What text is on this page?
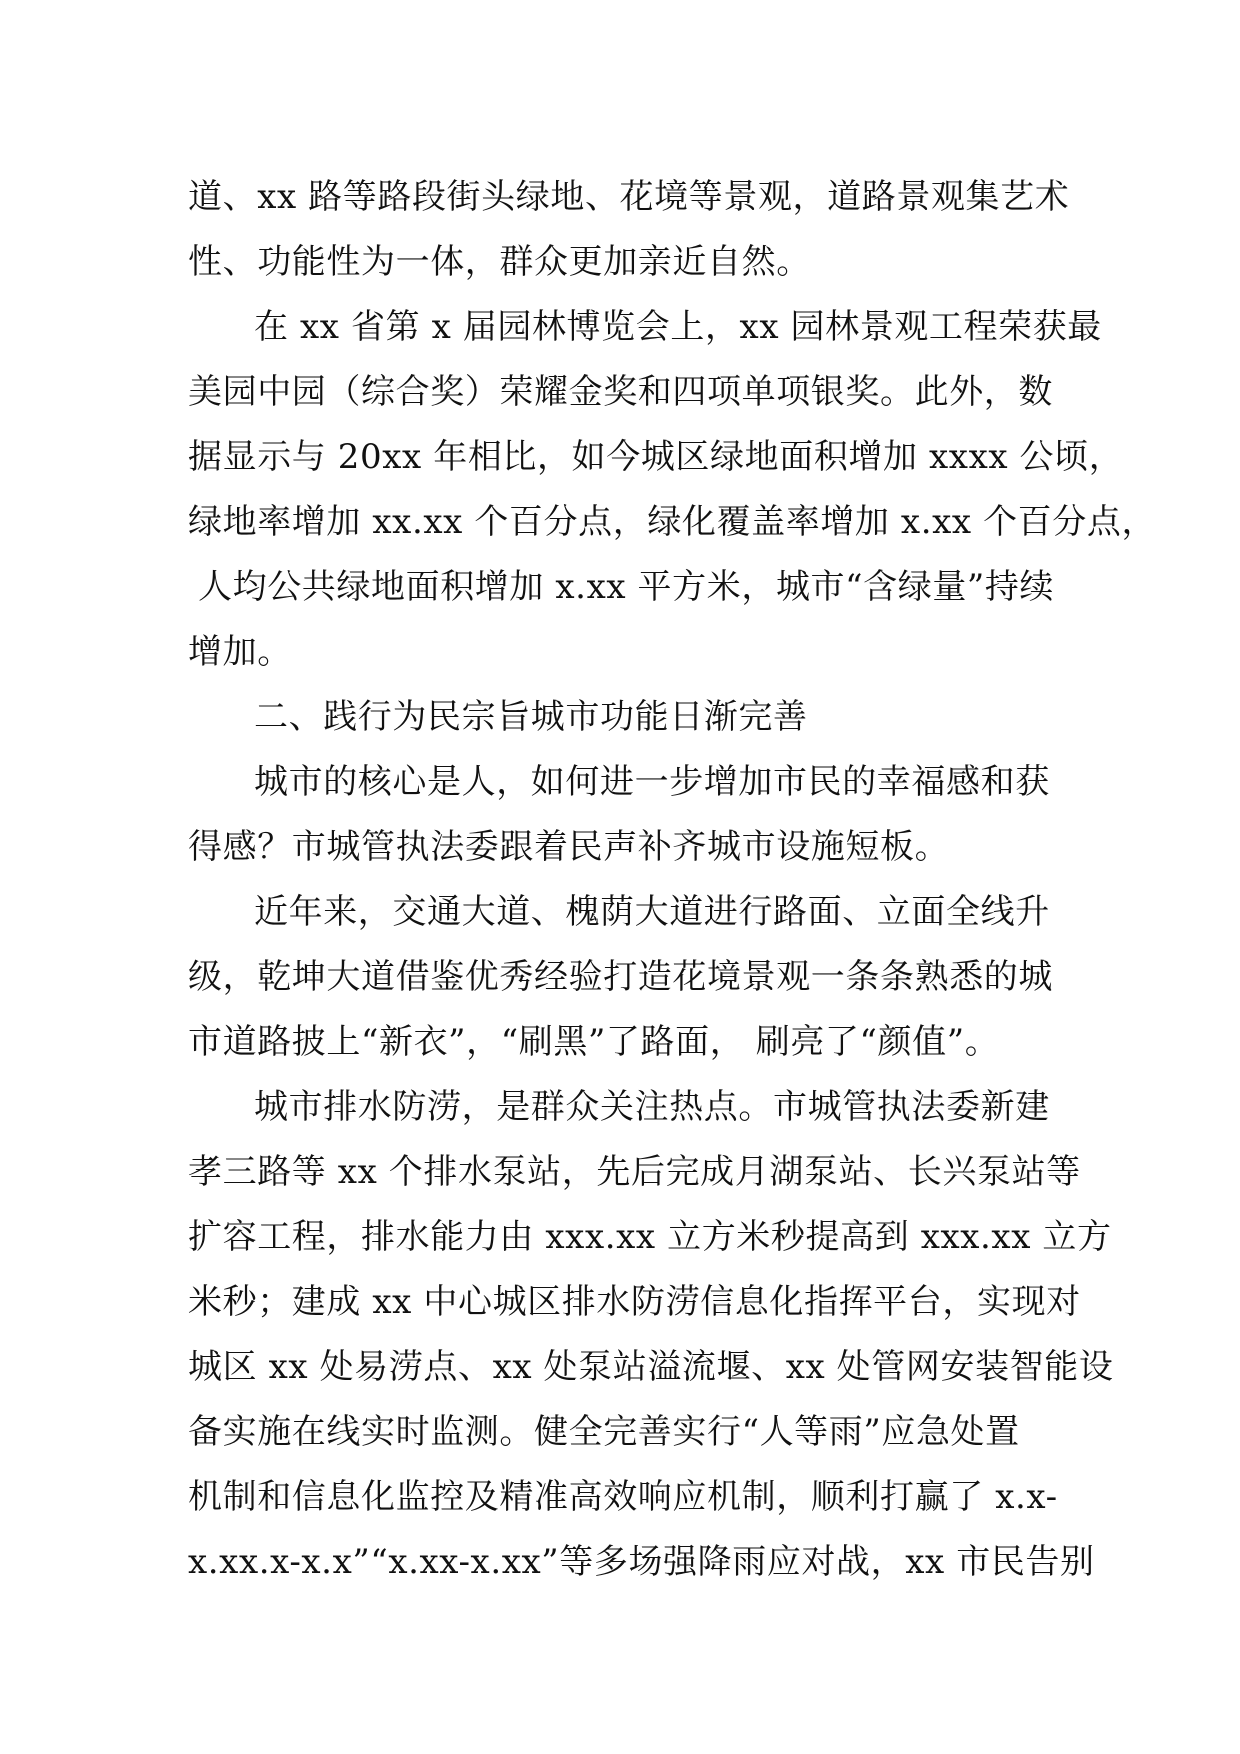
道、xx 路等路段街头绿地、花境等景观，道路景观集艺术
性、功能性为一体，群众更加亲近自然。
在 xx 省第 x 届园林博览会上，xx 园林景观工程荣获最
美园中园（综合奖）荣耀金奖和四项单项银奖。此外，数
据显示与 20xx 年相比，如今城区绿地面积增加 xxxx 公顷，
绿地率增加 xx.xx 个百分点，绿化覆盖率增加 x.xx 个百分点，
人均公共绿地面积增加 x.xx 平方米，城市“含绿量”持续
增加。
二、践行为民宗旨城市功能日渐完善
城市的核心是人，如何进一步增加市民的幸福感和获
得感？市城管执法委跟着民声补齐城市设施短板。
近年来，交通大道、槐荫大道进行路面、立面全线升
级，乾坤大道借鉴优秀经验打造花境景观一条条熟悉的城
市道路披上“新衣”，“刷黑”了路面， 刷亮了“颜值”。
城市排水防涝，是群众关注热点。市城管执法委新建
孝三路等 xx 个排水泵站，先后完成月湖泵站、长兴泵站等
扩容工程，排水能力由 xxx.xx 立方米秒提高到 xxx.xx 立方
米秒；建成 xx 中心城区排水防涝信息化指挥平台，实现对
城区 xx 处易涝点、xx 处泵站溢流堰、xx 处管网安装智能设
备实施在线实时监测。健全完善实行“人等雨”应急处置
机制和信息化监控及精准高效响应机制，顺利打赢了 x.x-
x.xx.x-x.x”“x.xx-x.xx”等多场强降雨应对战，xx 市民告别
